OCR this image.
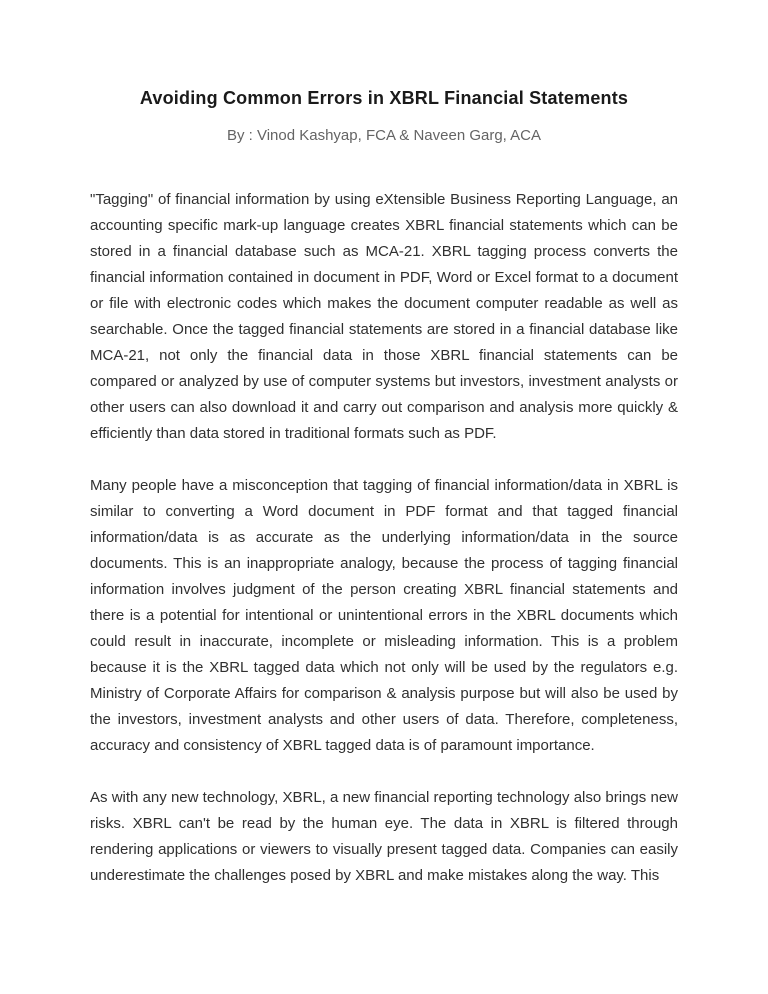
Avoiding Common Errors in XBRL Financial Statements
By : Vinod Kashyap, FCA & Naveen Garg, ACA

"Tagging" of financial information by using eXtensible Business Reporting Language, an accounting specific mark-up language creates XBRL financial statements which can be stored in a financial database such as MCA-21. XBRL tagging process converts the financial information contained in document in PDF, Word or Excel format to a document or file with electronic codes which makes the document computer readable as well as searchable. Once the tagged financial statements are stored in a financial database like MCA-21, not only the financial data in those XBRL financial statements can be compared or analyzed by use of computer systems but investors, investment analysts or other users can also download it and carry out comparison and analysis more quickly & efficiently than data stored in traditional formats such as PDF.

Many people have a misconception that tagging of financial information/data in XBRL is similar to converting a Word document in PDF format and that tagged financial information/data is as accurate as the underlying information/data in the source documents. This is an inappropriate analogy, because the process of tagging financial information involves judgment of the person creating XBRL financial statements and there is a potential for intentional or unintentional errors in the XBRL documents which could result in inaccurate, incomplete or misleading information. This is a problem because it is the XBRL tagged data which not only will be used by the regulators e.g. Ministry of Corporate Affairs for comparison & analysis purpose but will also be used by the investors, investment analysts and other users of data. Therefore, completeness, accuracy and consistency of XBRL tagged data is of paramount importance.

As with any new technology, XBRL, a new financial reporting technology also brings new risks. XBRL can't be read by the human eye. The data in XBRL is filtered through rendering applications or viewers to visually present tagged data. Companies can easily underestimate the challenges posed by XBRL and make mistakes along the way. This
